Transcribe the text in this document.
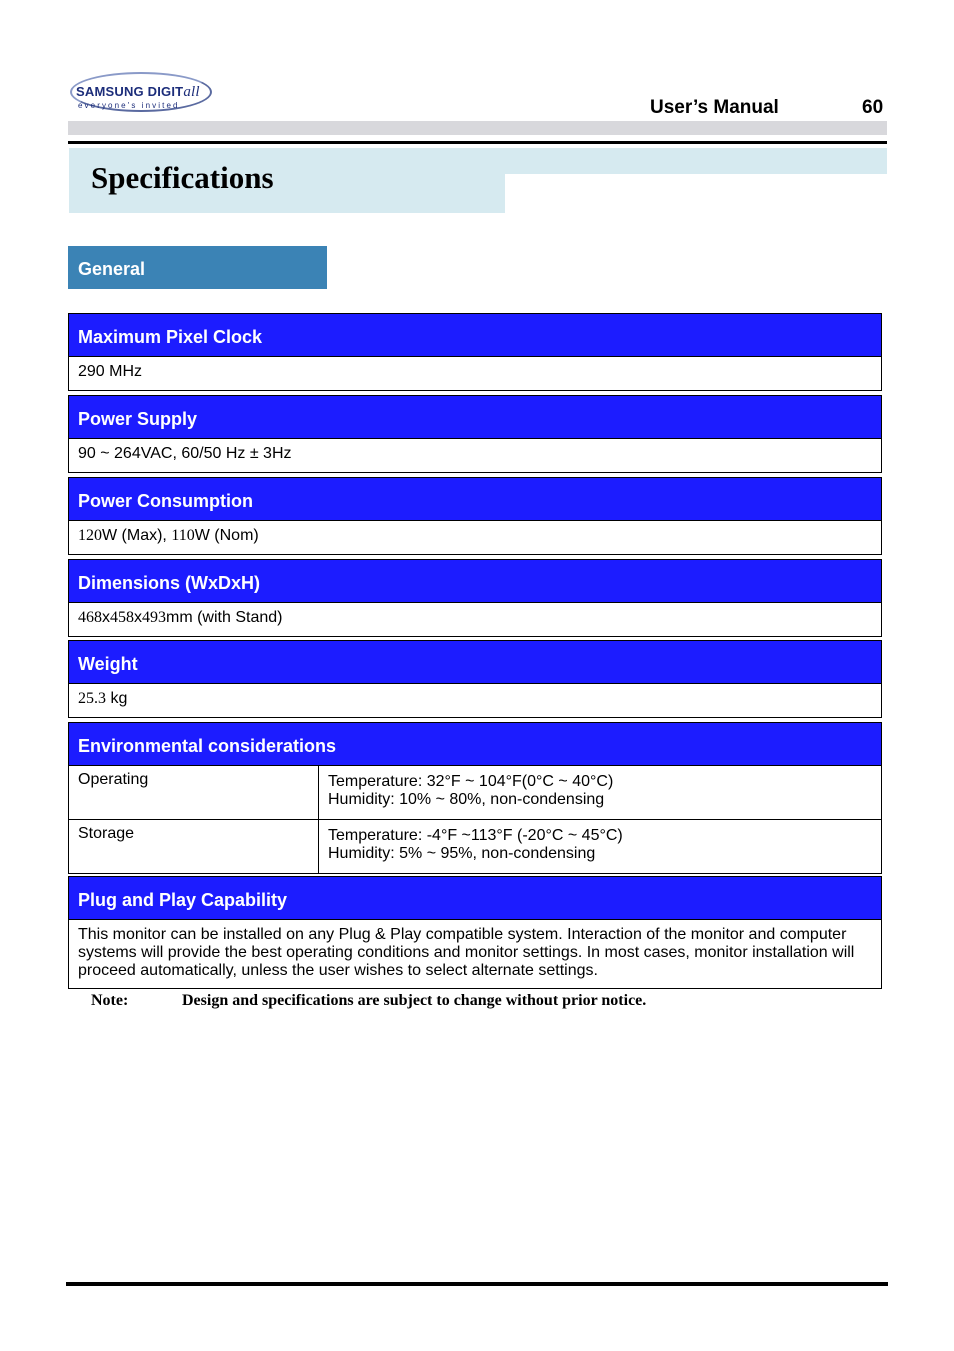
SAMSUNG DIGITall
everyone's invited	User’s Manual	60
Specifications
General
Maximum Pixel Clock
290 MHz
Power Supply
90 ~ 264VAC, 60/50 Hz ± 3Hz
Power Consumption
120W (Max), 110W (Nom)
Dimensions (WxDxH)
468x458x493mm (with Stand)
Weight
25.3 kg
Environmental considerations
Operating	Temperature: 32°F ~ 104°F(0°C ~ 40°C)
Humidity: 10% ~ 80%, non-condensing
Storage	Temperature: -4°F ~113°F (-20°C ~ 45°C)
Humidity: 5% ~ 95%, non-condensing
Plug and Play Capability
This monitor can be installed on any Plug & Play compatible system. Interaction of the monitor and computer systems will provide the best operating conditions and monitor settings. In most cases, monitor installation will proceed automatically, unless the user wishes to select alternate settings.
Note:	Design and specifications are subject to change without prior notice.
